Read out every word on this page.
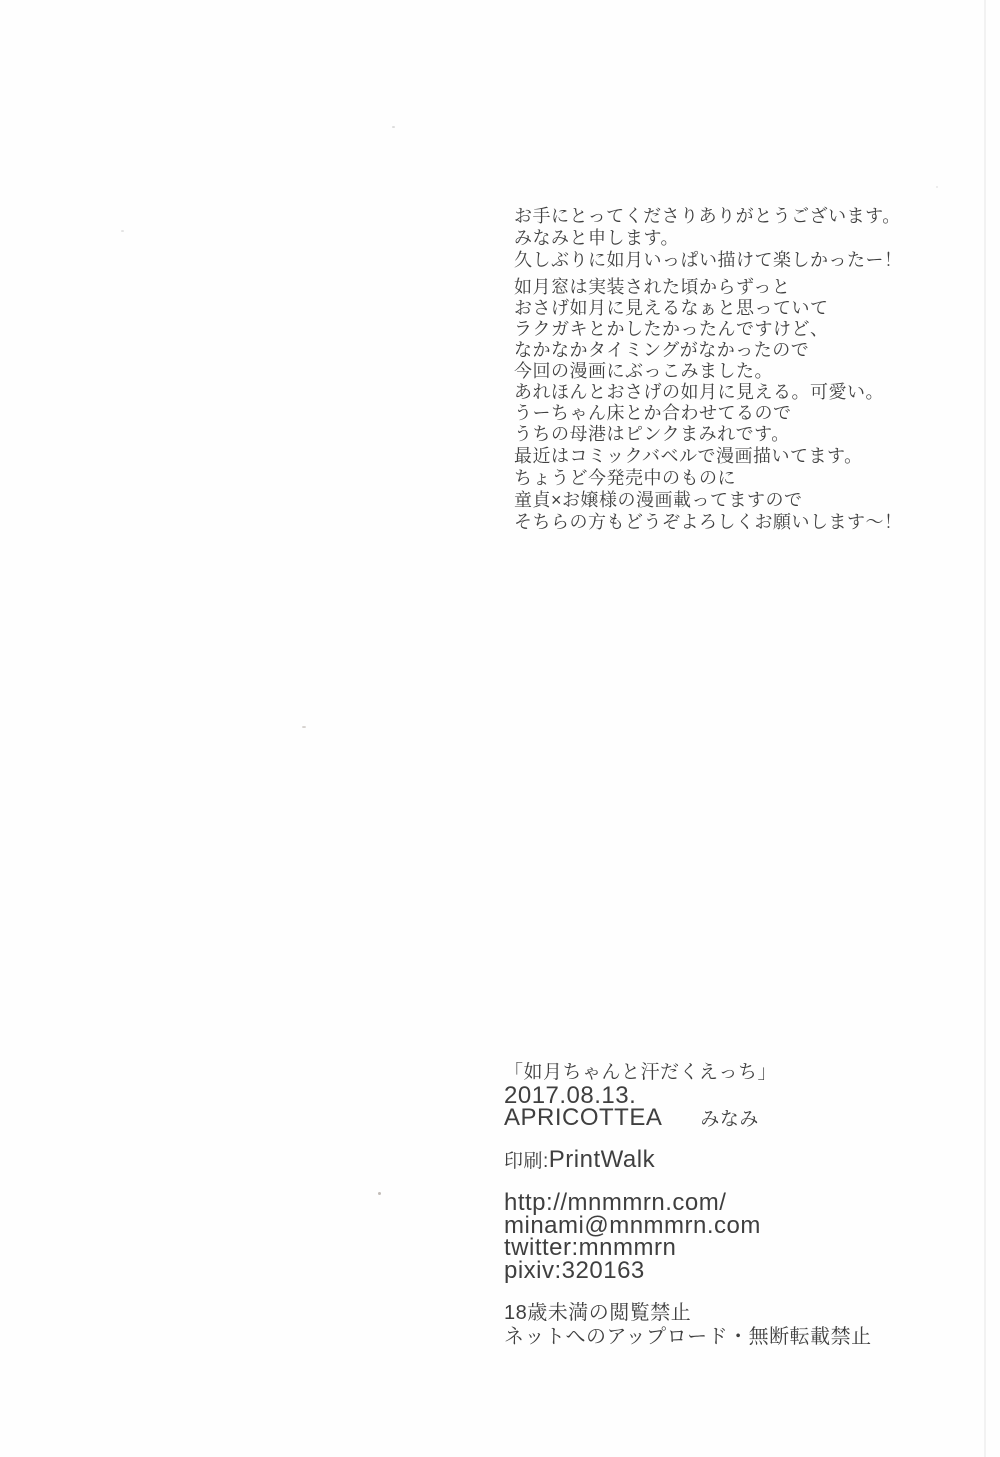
お手にとってくださりありがとうございます。
みなみと申します。
久しぶりに如月いっぱい描けて楽しかったー！
如月窓は実装された頃からずっと
おさげ如月に見えるなぁと思っていて
ラクガキとかしたかったんですけど、
なかなかタイミングがなかったので
今回の漫画にぶっこみました。
あれほんとおさげの如月に見える。可愛い。
うーちゃん床とか合わせてるので
うちの母港はピンクまみれです。
最近はコミックバベルで漫画描いてます。
ちょうど今発売中のものに
童貞×お嬢様の漫画載ってますので
そちらの方もどうぞよろしくお願いします～！
「如月ちゃんと汗だくえっち」
2017.08.13.
APRICOTTEA みなみ
印刷:PrintWalk
http://mnmmrn.com/
minami@mnmmrn.com
twitter:mnmmrn
pixiv:320163
18歳未満の閲覧禁止
ネットへのアップロード・無断転載禁止
